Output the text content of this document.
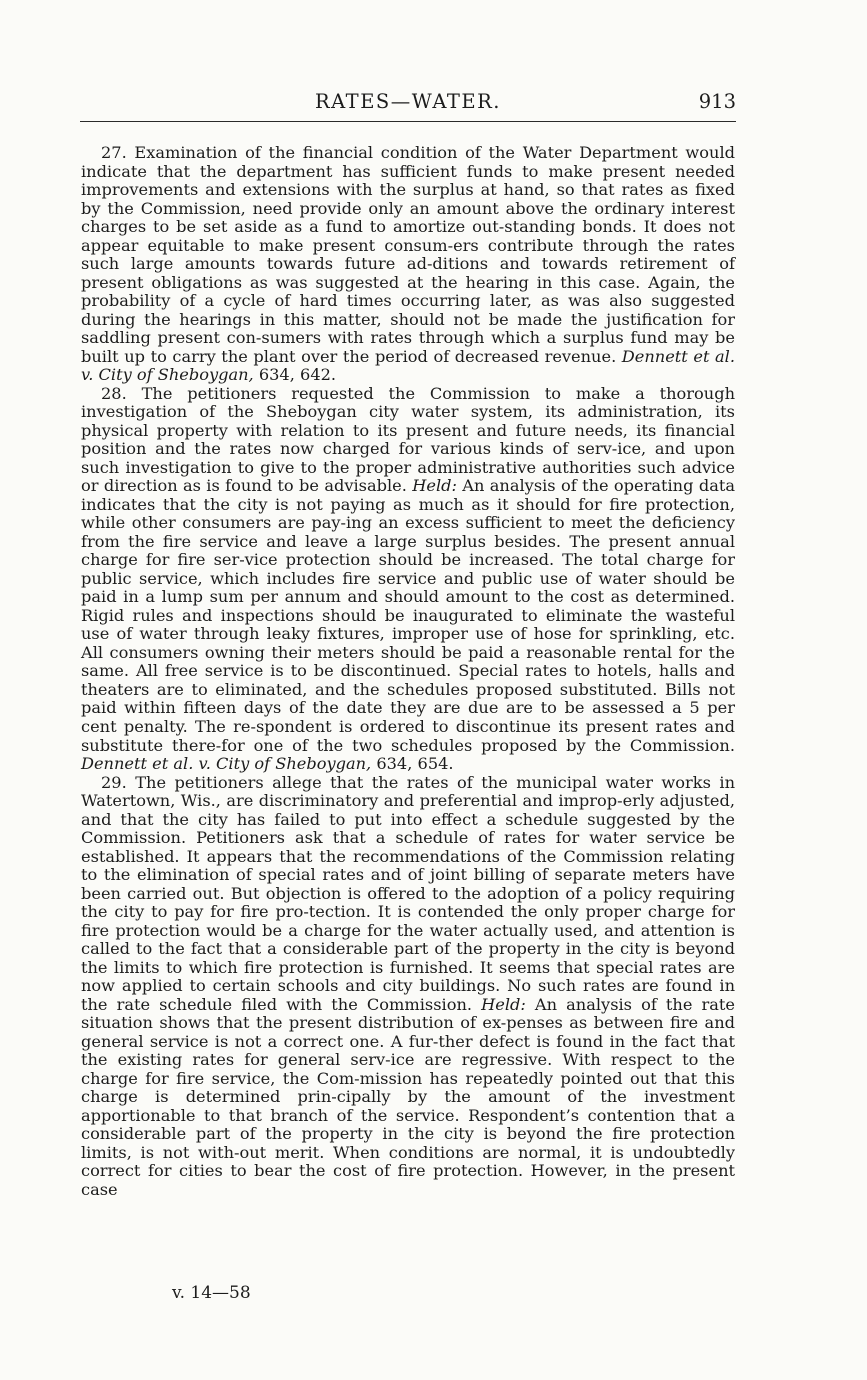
RATES—WATER.	913

27. Examination of the financial condition of the Water Department would indicate that the department has sufficient funds to make present needed improvements and extensions with the surplus at hand, so that rates as fixed by the Commission, need provide only an amount above the ordinary interest charges to be set aside as a fund to amortize out-standing bonds. It does not appear equitable to make present consum-ers contribute through the rates such large amounts towards future ad-ditions and towards retirement of present obligations as was suggested at the hearing in this case. Again, the probability of a cycle of hard times occurring later, as was also suggested during the hearings in this matter, should not be made the justification for saddling present con-sumers with rates through which a surplus fund may be built up to carry the plant over the period of decreased revenue. Dennett et al. v. City of Sheboygan, 634, 642.

28. The petitioners requested the Commission to make a thorough investigation of the Sheboygan city water system, its administration, its physical property with relation to its present and future needs, its financial position and the rates now charged for various kinds of serv-ice, and upon such investigation to give to the proper administrative authorities such advice or direction as is found to be advisable. Held: An analysis of the operating data indicates that the city is not paying as much as it should for fire protection, while other consumers are pay-ing an excess sufficient to meet the deficiency from the fire service and leave a large surplus besides. The present annual charge for fire ser-vice protection should be increased. The total charge for public service, which includes fire service and public use of water should be paid in a lump sum per annum and should amount to the cost as determined. Rigid rules and inspections should be inaugurated to eliminate the wasteful use of water through leaky fixtures, improper use of hose for sprinkling, etc. All consumers owning their meters should be paid a reasonable rental for the same. All free service is to be discontinued. Special rates to hotels, halls and theaters are to eliminated, and the schedules proposed substituted. Bills not paid within fifteen days of the date they are due are to be assessed a 5 per cent penalty. The re-spondent is ordered to discontinue its present rates and substitute there-for one of the two schedules proposed by the Commission. Dennett et al. v. City of Sheboygan, 634, 654.

29. The petitioners allege that the rates of the municipal water works in Watertown, Wis., are discriminatory and preferential and improp-erly adjusted, and that the city has failed to put into effect a schedule suggested by the Commission. Petitioners ask that a schedule of rates for water service be established. It appears that the recommendations of the Commission relating to the elimination of special rates and of joint billing of separate meters have been carried out. But objection is offered to the adoption of a policy requiring the city to pay for fire pro-tection. It is contended the only proper charge for fire protection would be a charge for the water actually used, and attention is called to the fact that a considerable part of the property in the city is beyond the limits to which fire protection is furnished. It seems that special rates are now applied to certain schools and city buildings. No such rates are found in the rate schedule filed with the Commission. Held: An analysis of the rate situation shows that the present distribution of ex-penses as between fire and general service is not a correct one. A fur-ther defect is found in the fact that the existing rates for general serv-ice are regressive. With respect to the charge for fire service, the Com-mission has repeatedly pointed out that this charge is determined prin-cipally by the amount of the investment apportionable to that branch of the service. Respondent’s contention that a considerable part of the property in the city is beyond the fire protection limits, is not with-out merit. When conditions are normal, it is undoubtedly correct for cities to bear the cost of fire protection. However, in the present case

v. 14—58
